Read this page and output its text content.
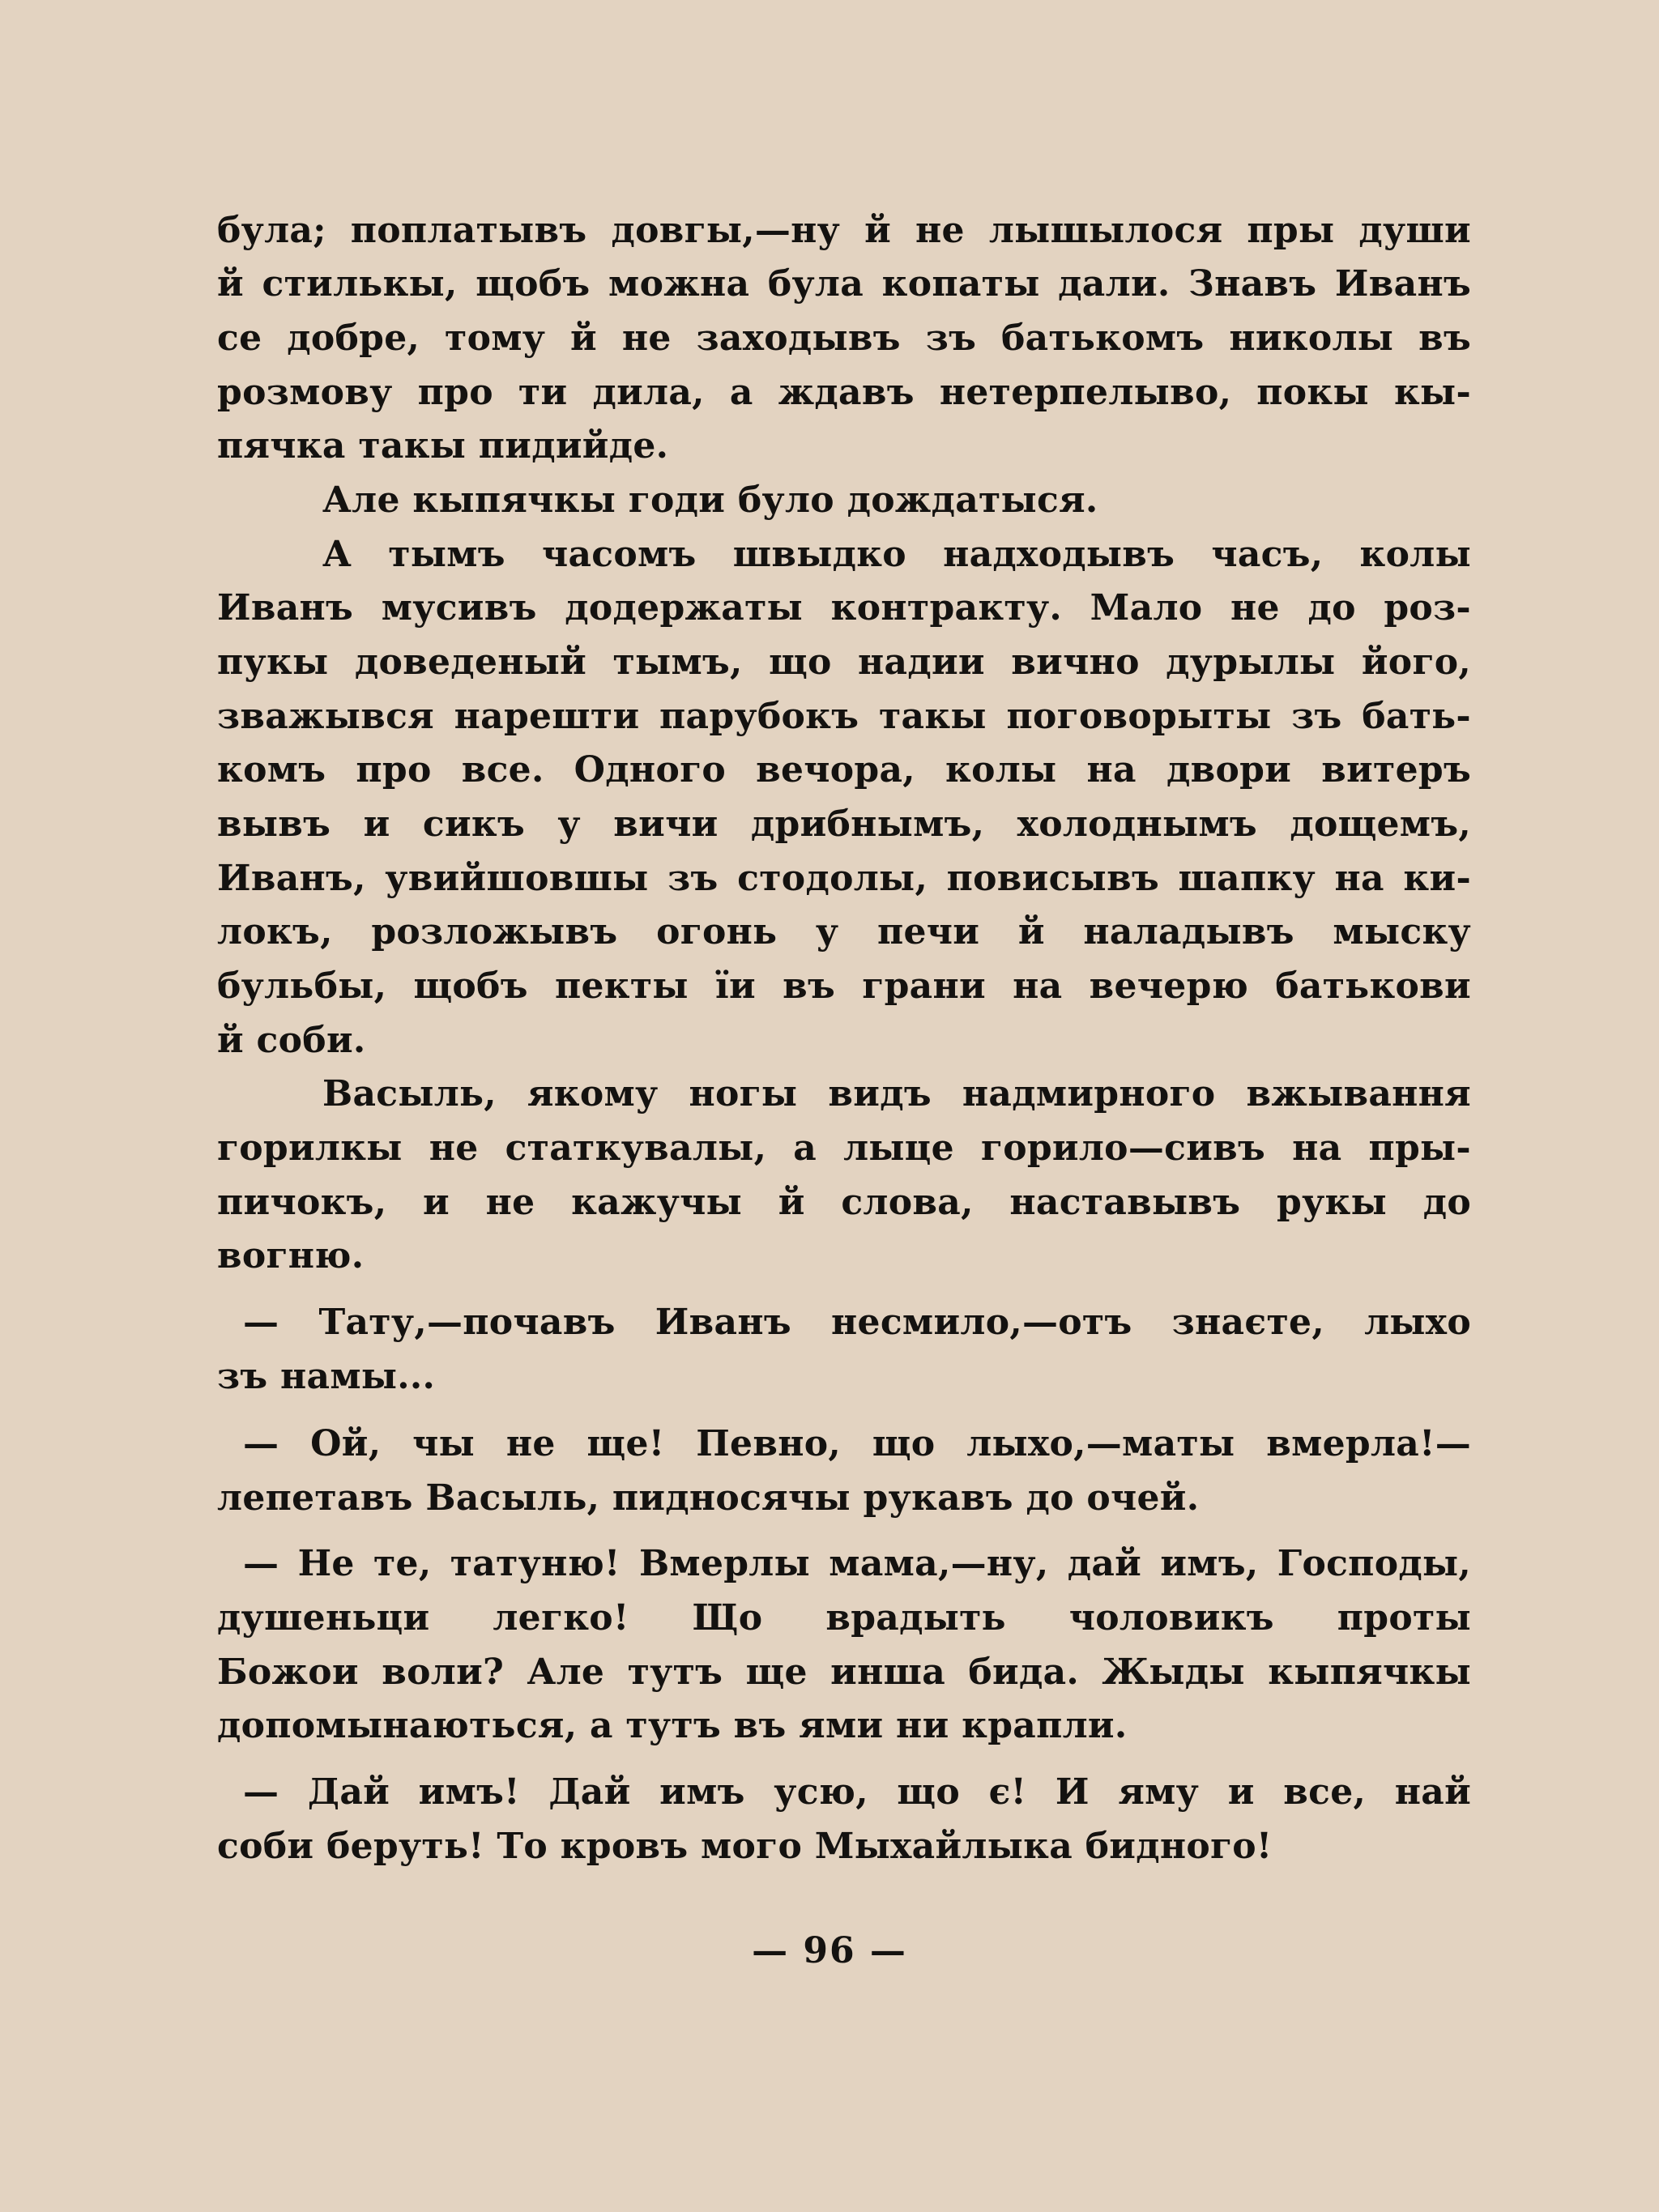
була; поплатывъ довгы,—ну й не лышылося пры души
й стилькы, щобъ можна була копаты дали. Знавъ Иванъ
се добре, тому й не заходывъ зъ батькомъ николы въ
розмову про ти дила, а ждавъ нетерпелыво, покы кы-
пячка такы пидийде.
Але кыпячкы годи було дождатыся.
А тымъ часомъ швыдко надходывъ часъ, колы
Иванъ мусивъ додержаты контракту. Мало не до роз-
пукы доведеный тымъ, що надии вично дурылы його,
зважывся нарешти парубокъ такы поговорыты зъ бать-
комъ про все. Одного вечора, колы на двори витеръ
вывъ и сикъ у вичи дрибнымъ, холоднымъ дощемъ,
Иванъ, увийшовшы зъ стодолы, повисывъ шапку на ки-
локъ, розложывъ огонь у печи й наладывъ мыску
бульбы, щобъ пекты їи въ грани на вечерю батькови
й соби.
Васыль, якому ногы видъ надмирного вжывання
горилкы не статкувалы, а лыце горило—сивъ на пры-
пичокъ, и не кажучы й слова, наставывъ рукы до
вогню.
— Тату,—почавъ Иванъ несмило,—отъ знаєте, лыхо
зъ намы...
— Ой, чы не ще! Певно, що лыхо,—маты вмерла!—
лепетавъ Васыль, пидносячы рукавъ до очей.
— Не те, татуню! Вмерлы мама,—ну, дай имъ, Господы,
душеньци легко! Що врадыть чоловикъ проты
Божои воли? Але тутъ ще инша бида. Жыды кыпячкы
допомынаються, а тутъ въ ями ни крапли.
— Дай имъ! Дай имъ усю, що є! И яму и все, най
соби беруть! То кровъ мого Мыхайлыка бидного!
— 96 —
